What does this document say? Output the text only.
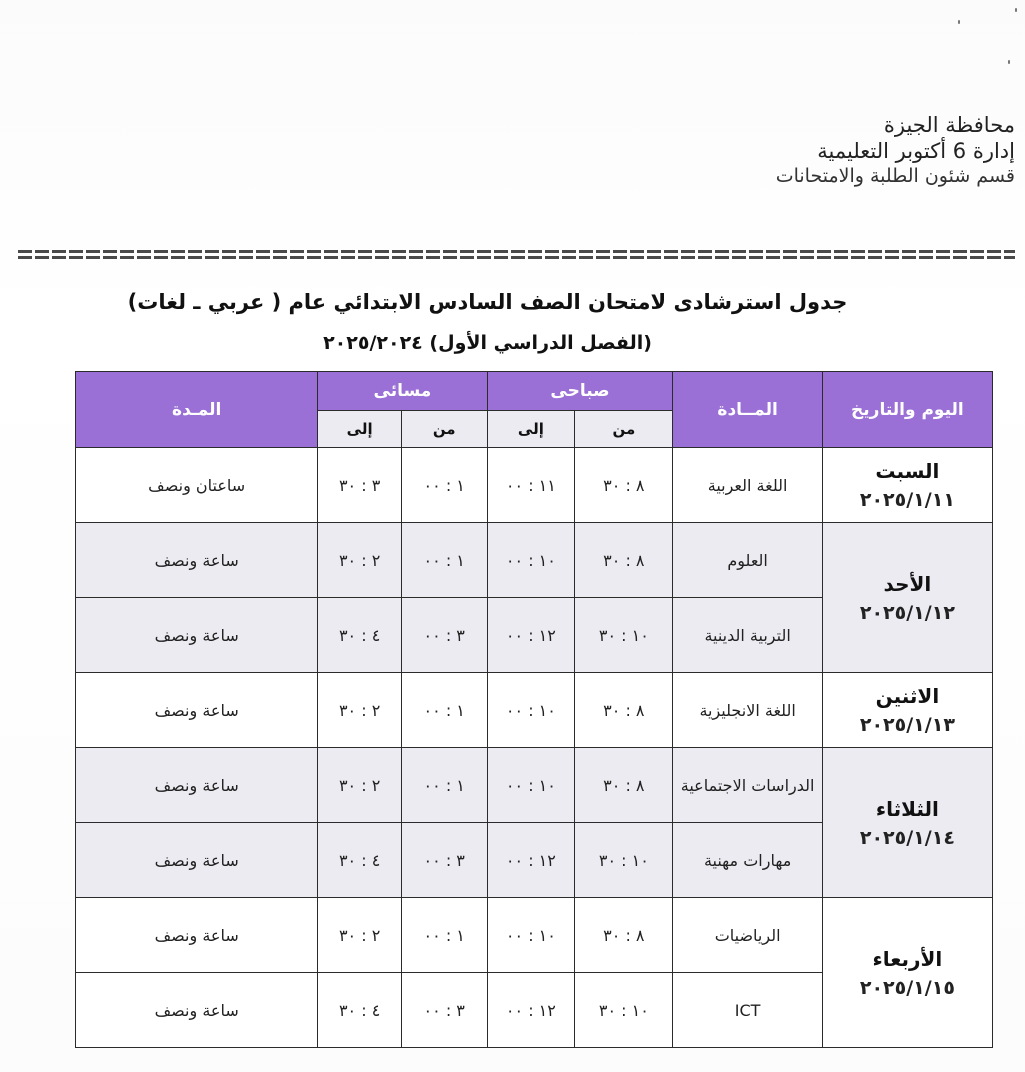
محافظة الجيزة
إدارة 6 أكتوبر التعليمية
قسم شئون الطلبة والامتحانات
جدول استرشادى لامتحان الصف السادس الابتدائي عام ( عربي ـ لغات)
(الفصل الدراسي الأول) ٢٠٢٥/٢٠٢٤
اليوم والتاريخ	المــادة	صباحى		مسائى		المـدة
		من	إلى	من	إلى	

السبت
٢٠٢٥/١/١١	اللغة العربية	٨ : ٣٠	١١ : ٠٠	١ : ٠٠	٣ : ٣٠	ساعتان ونصف

الأحد
٢٠٢٥/١/١٢	العلوم	٨ : ٣٠	١٠ : ٠٠	١ : ٠٠	٢ : ٣٠	ساعة ونصف
	التربية الدينية	١٠ : ٣٠	١٢ : ٠٠	٣ : ٠٠	٤ : ٣٠	ساعة ونصف

الاثنين
٢٠٢٥/١/١٣	اللغة الانجليزية	٨ : ٣٠	١٠ : ٠٠	١ : ٠٠	٢ : ٣٠	ساعة ونصف

الثلاثاء
٢٠٢٥/١/١٤	الدراسات الاجتماعية	٨ : ٣٠	١٠ : ٠٠	١ : ٠٠	٢ : ٣٠	ساعة ونصف
	مهارات مهنية	١٠ : ٣٠	١٢ : ٠٠	٣ : ٠٠	٤ : ٣٠	ساعة ونصف

الأربعاء
٢٠٢٥/١/١٥	الرياضيات	٨ : ٣٠	١٠ : ٠٠	١ : ٠٠	٢ : ٣٠	ساعة ونصف
	ICT	١٠ : ٣٠	١٢ : ٠٠	٣ : ٠٠	٤ : ٣٠	ساعة ونصف
